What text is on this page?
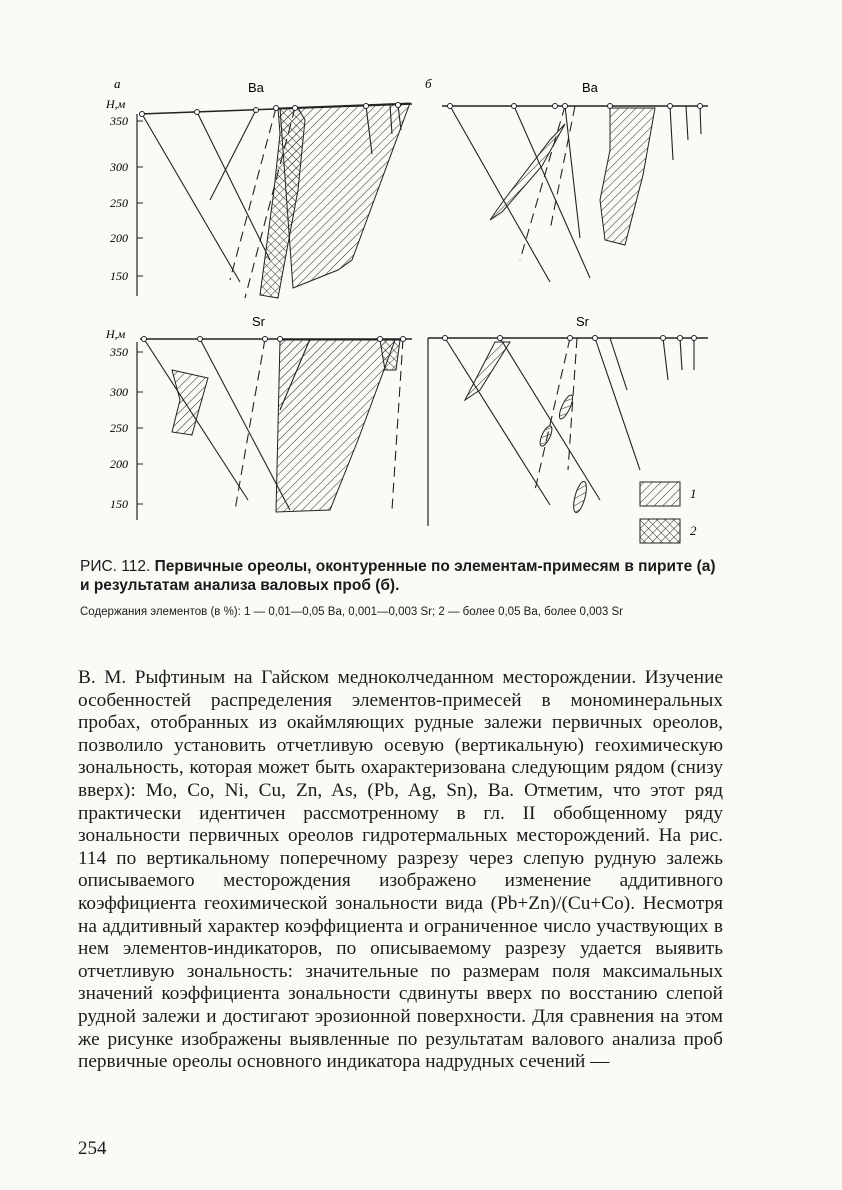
а	Ba
Н,м
350
300
250
200
150
б	Ba
Sr
Н,м
350
300
250
200
150
Sr
1
2
РИС. 112. Первичные ореолы, оконтуренные по элементам-примесям в пирите (а) и результатам анализа валовых проб (б).
Содержания элементов (в %): 1 — 0,01—0,05 Ba, 0,001—0,003 Sr; 2 — более 0,05 Ba, более 0,003 Sr

В. М. Рыфтиным на Гайском медноколчеданном месторождении. Изучение особенностей распределения элементов-примесей в мономинеральных пробах, отобранных из окаймляющих рудные залежи первичных ореолов, позволило установить отчетливую осевую (вертикальную) геохимическую зональность, которая может быть охарактеризована следующим рядом (снизу вверх): Mo, Co, Ni, Cu, Zn, As, (Pb, Ag, Sn), Ba. Отметим, что этот ряд практически идентичен рассмотренному в гл. II обобщенному ряду зональности первичных ореолов гидротермальных месторождений. На рис. 114 по вертикальному поперечному разрезу через слепую рудную залежь описываемого месторождения изображено изменение аддитивного коэффициента геохимической зональности вида (Pb+Zn)/(Cu+Co). Несмотря на аддитивный характер коэффициента и ограниченное число участвующих в нем элементов-индикаторов, по описываемому разрезу удается выявить отчетливую зональность: значительные по размерам поля максимальных значений коэффициента зональности сдвинуты вверх по восстанию слепой рудной залежи и достигают эрозионной поверхности. Для сравнения на этом же рисунке изображены выявленные по результатам валового анализа проб первичные ореолы основного индикатора надрудных сечений —

254
